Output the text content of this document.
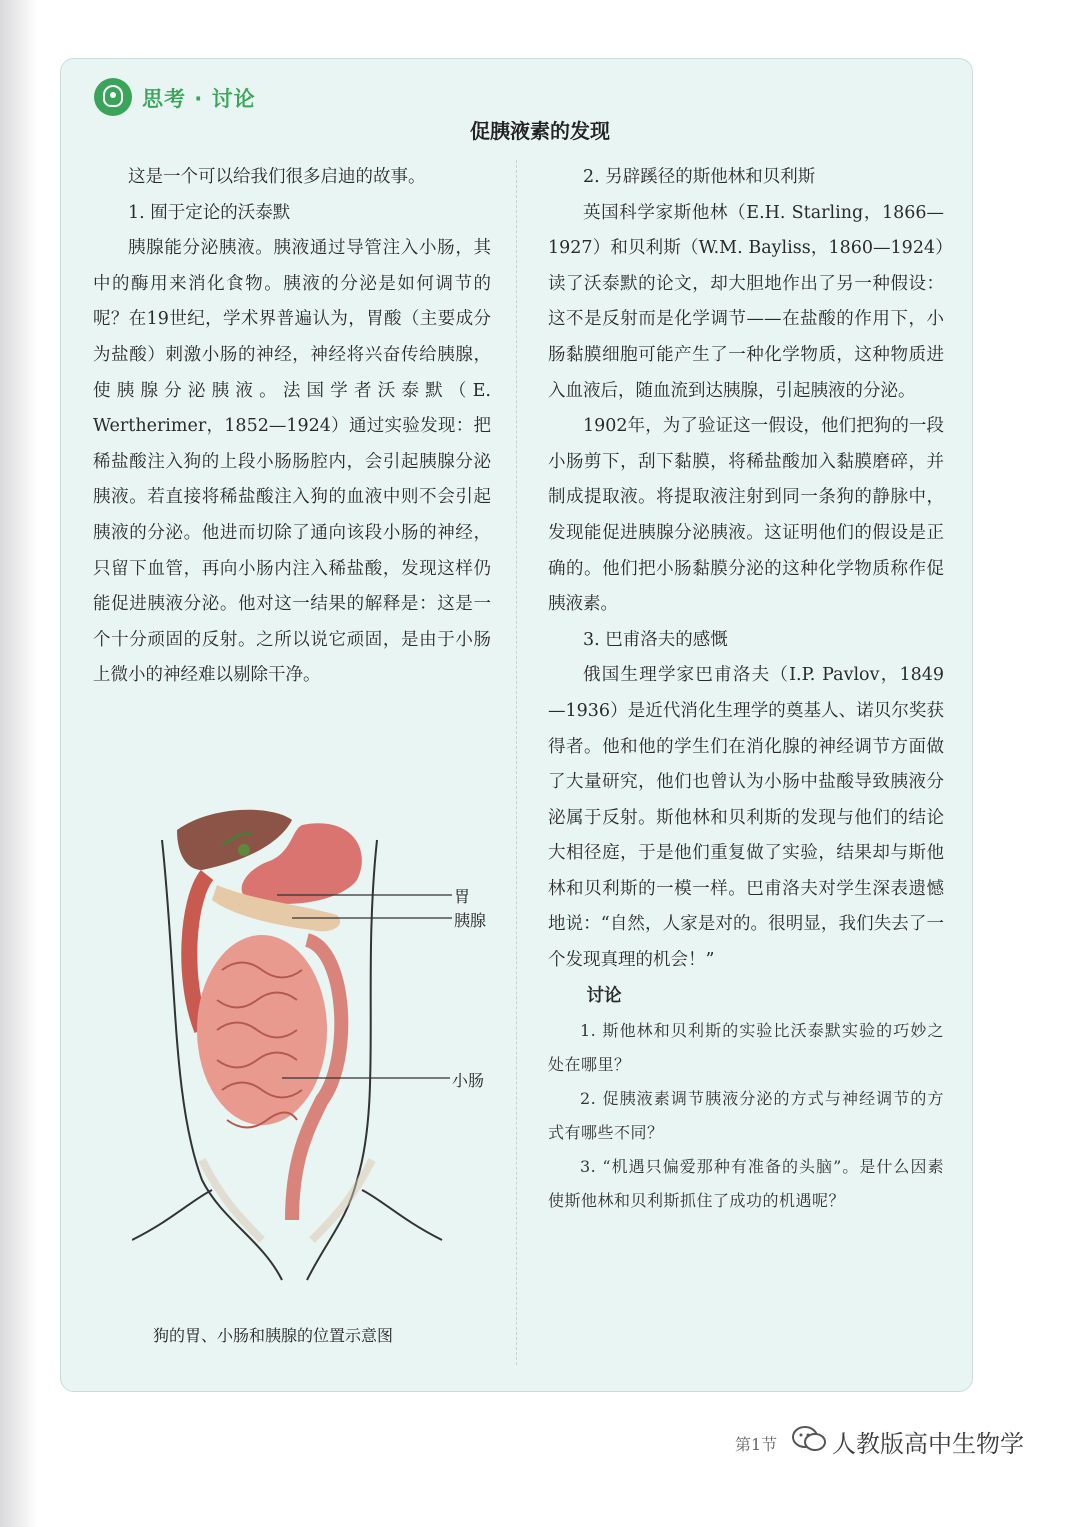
思考 · 讨论
促胰液素的发现

这是一个可以给我们很多启迪的故事。

1. 囿于定论的沃泰默

胰腺能分泌胰液。胰液通过导管注入小肠，其中的酶用来消化食物。胰液的分泌是如何调节的呢？在19世纪，学术界普遍认为，胃酸（主要成分为盐酸）刺激小肠的神经，神经将兴奋传给胰腺，使胰腺分泌胰液。法国学者沃泰默（E. Wertherimer，1852—1924）通过实验发现：把稀盐酸注入狗的上段小肠肠腔内，会引起胰腺分泌胰液。若直接将稀盐酸注入狗的血液中则不会引起胰液的分泌。他进而切除了通向该段小肠的神经，只留下血管，再向小肠内注入稀盐酸，发现这样仍能促进胰液分泌。他对这一结果的解释是：这是一个十分顽固的反射。之所以说它顽固，是由于小肠上微小的神经难以剔除干净。

胃
胰腺
小肠
狗的胃、小肠和胰腺的位置示意图

2. 另辟蹊径的斯他林和贝利斯

英国科学家斯他林（E.H. Starling，1866—1927）和贝利斯（W.M. Bayliss，1860—1924）读了沃泰默的论文，却大胆地作出了另一种假设：这不是反射而是化学调节——在盐酸的作用下，小肠黏膜细胞可能产生了一种化学物质，这种物质进入血液后，随血流到达胰腺，引起胰液的分泌。

1902年，为了验证这一假设，他们把狗的一段小肠剪下，刮下黏膜，将稀盐酸加入黏膜磨碎，并制成提取液。将提取液注射到同一条狗的静脉中，发现能促进胰腺分泌胰液。这证明他们的假设是正确的。他们把小肠黏膜分泌的这种化学物质称作促胰液素。

3. 巴甫洛夫的感慨

俄国生理学家巴甫洛夫（I.P. Pavlov，1849—1936）是近代消化生理学的奠基人、诺贝尔奖获得者。他和他的学生们在消化腺的神经调节方面做了大量研究，他们也曾认为小肠中盐酸导致胰液分泌属于反射。斯他林和贝利斯的发现与他们的结论大相径庭，于是他们重复做了实验，结果却与斯他林和贝利斯的一模一样。巴甫洛夫对学生深表遗憾地说：“自然，人家是对的。很明显，我们失去了一个发现真理的机会！”

讨论

1. 斯他林和贝利斯的实验比沃泰默实验的巧妙之处在哪里？

2. 促胰液素调节胰液分泌的方式与神经调节的方式有哪些不同？

3. “机遇只偏爱那种有准备的头脑”。是什么因素使斯他林和贝利斯抓住了成功的机遇呢？

第1节 人教版高中生物学
